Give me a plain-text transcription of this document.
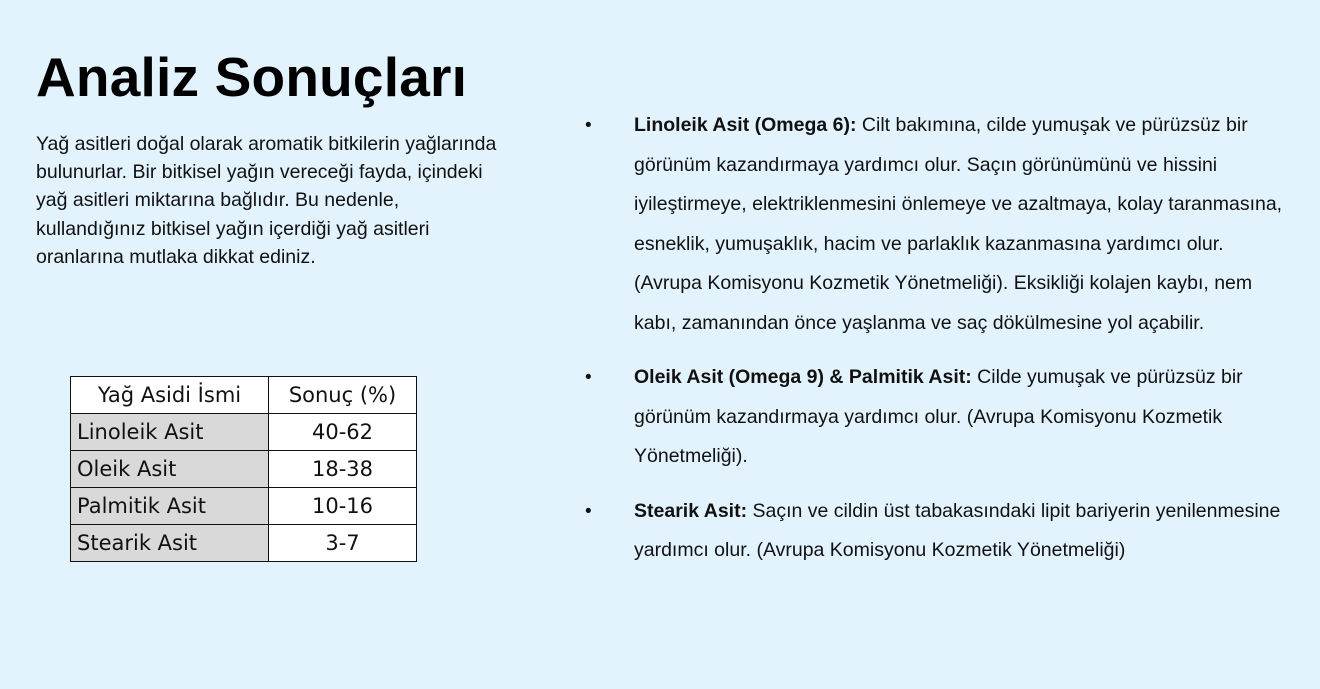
Analiz Sonuçları

Yağ asitleri doğal olarak aromatik bitkilerin yağlarında bulunurlar. Bir bitkisel yağın vereceği fayda, içindeki yağ asitleri miktarına bağlıdır. Bu nedenle, kullandığınız bitkisel yağın içerdiği yağ asitleri oranlarına mutlaka dikkat ediniz.

Yağ Asidi İsmi	Sonuç (%)
Linoleik Asit	40-62
Oleik Asit	18-38
Palmitik Asit	10-16
Stearik Asit	3-7
• Linoleik Asit (Omega 6): Cilt bakımına, cilde yumuşak ve pürüzsüz bir görünüm kazandırmaya yardımcı olur. Saçın görünümünü ve hissini iyileştirmeye, elektriklenmesini önlemeye ve azaltmaya, kolay taranmasına, esneklik, yumuşaklık, hacim ve parlaklık kazanmasına yardımcı olur. (Avrupa Komisyonu Kozmetik Yönetmeliği). Eksikliği kolajen kaybı, nem kabı, zamanından önce yaşlanma ve saç dökülmesine yol açabilir.
• Oleik Asit (Omega 9) & Palmitik Asit: Cilde yumuşak ve pürüzsüz bir görünüm kazandırmaya yardımcı olur. (Avrupa Komisyonu Kozmetik Yönetmeliği).
• Stearik Asit: Saçın ve cildin üst tabakasındaki lipit bariyerin yenilenmesine yardımcı olur. (Avrupa Komisyonu Kozmetik Yönetmeliği)
